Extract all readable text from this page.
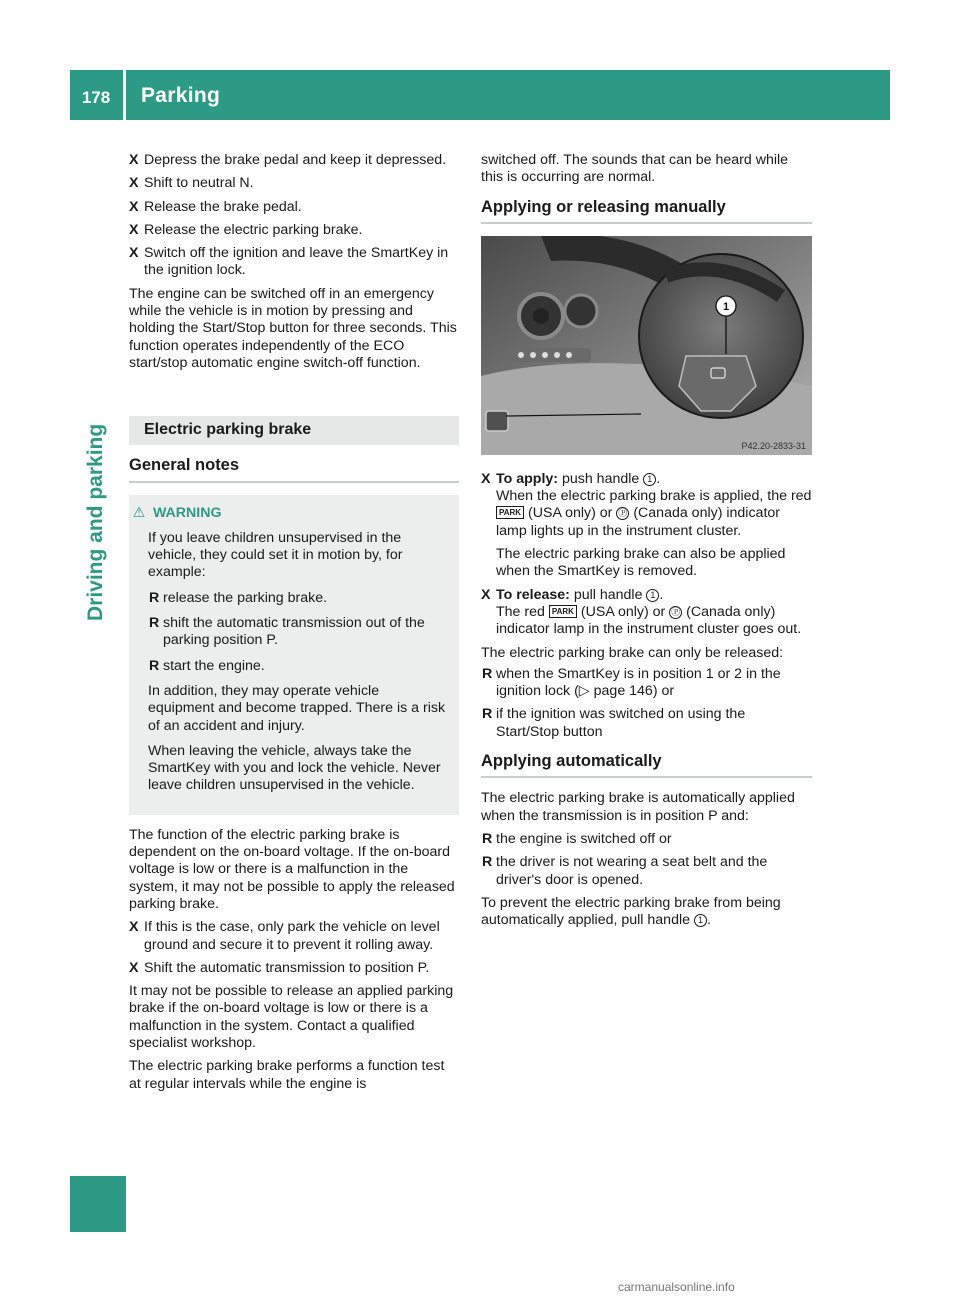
178	Parking
Driving and parking
X Depress the brake pedal and keep it depressed.
X Shift to neutral N.
X Release the brake pedal.
X Release the electric parking brake.
X Switch off the ignition and leave the SmartKey in the ignition lock.

The engine can be switched off in an emergency while the vehicle is in motion by pressing and holding the Start/Stop button for three seconds. This function operates independently of the ECO start/stop automatic engine switch-off function.

Electric parking brake
General notes
⚠ WARNING

If you leave children unsupervised in the vehicle, they could set it in motion by, for example:

R release the parking brake.
R shift the automatic transmission out of the parking position P.
R start the engine.

In addition, they may operate vehicle equipment and become trapped. There is a risk of an accident and injury.

When leaving the vehicle, always take the SmartKey with you and lock the vehicle. Never leave children unsupervised in the vehicle.

The function of the electric parking brake is dependent on the on-board voltage. If the on-board voltage is low or there is a malfunction in the system, it may not be possible to apply the released parking brake.

X If this is the case, only park the vehicle on level ground and secure it to prevent it rolling away.
X Shift the automatic transmission to position P.

It may not be possible to release an applied parking brake if the on-board voltage is low or there is a malfunction in the system. Contact a qualified specialist workshop.

The electric parking brake performs a function test at regular intervals while the engine is

switched off. The sounds that can be heard while this is occurring are normal.

Applying or releasing manually
1
P42.20-2833-31
X To apply: push handle 1 .
When the electric parking brake is applied, the red PARK (USA only) or Ⓟ (Canada only) indicator lamp lights up in the instrument cluster.
The electric parking brake can also be applied when the SmartKey is removed.
X To release: pull handle 1 .
The red PARK (USA only) or Ⓟ (Canada only) indicator lamp in the instrument cluster goes out.

The electric parking brake can only be released:

R when the SmartKey is in position 1 or 2 in the ignition lock (▷ page 146) or
R if the ignition was switched on using the Start/Stop button
Applying automatically

The electric parking brake is automatically applied when the transmission is in position P and:

R the engine is switched off or
R the driver is not wearing a seat belt and the driver's door is opened.

To prevent the electric parking brake from being automatically applied, pull handle 1 .

carmanualsonline.info
